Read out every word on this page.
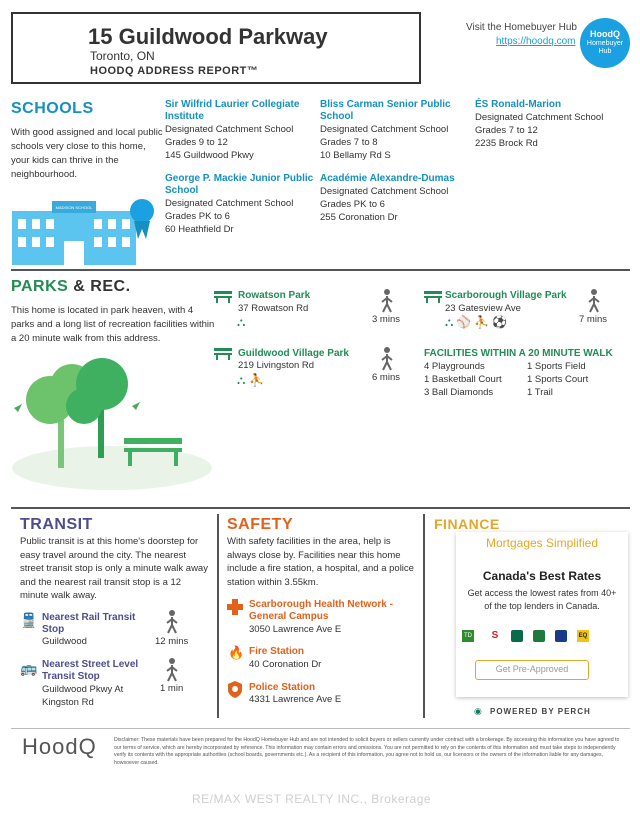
15 Guildwood Parkway
Toronto, ON
HOODQ ADDRESS REPORT™
Visit the Homebuyer Hub
https://hoodq.com
HoodQ
Homebuyer
Hub
SCHOOLS
With good assigned and local public schools very close to this home, your kids can thrive in the neighbourhood.
MADISON SCHOOL
Sir Wilfrid Laurier Collegiate Institute
Designated Catchment School
Grades 9 to 12
145 Guildwood Pkwy
Bliss Carman Senior Public School
Designated Catchment School
Grades 7 to 8
10 Bellamy Rd S
ÉS Ronald-Marion
Designated Catchment School
Grades 7 to 12
2235 Brock Rd
George P. Mackie Junior Public School
Designated Catchment School
Grades PK to 6
60 Heathfield Dr
Académie Alexandre-Dumas
Designated Catchment School
Grades PK to 6
255 Coronation Dr
PARKS & REC.
This home is located in park heaven, with 4 parks and a long list of recreation facilities within a 20 minute walk from this address.
Rowatson Park
37 Rowatson Rd
⛬	3 mins
Scarborough Village Park
23 Gatesview Ave
⛬⚾⛹⚽	7 mins
Guildwood Village Park
219 Livingston Rd
⛬⛹	6 mins
FACILITIES WITHIN A 20 MINUTE WALK
4 Playgrounds	1 Sports Field
1 Basketball Court	1 Sports Court
3 Ball Diamonds	1 Trail
TRANSIT
Public transit is at this home's doorstep for easy travel around the city. The nearest street transit stop is only a minute walk away and the nearest rail transit stop is a 12 minute walk away.
🚆 Nearest Rail Transit Stop
Guildwood	12 mins
🚌 Nearest Street Level Transit Stop
Guildwood Pkwy At Kingston Rd
1 min
SAFETY
With safety facilities in the area, help is always close by. Facilities near this home include a fire station, a hospital, and a police station within 3.55km.
Scarborough Health Network - General Campus
3050 Lawrence Ave E
🔥 Fire Station
40 Coronation Dr
Police Station
4331 Lawrence Ave E
FINANCE
Mortgages Simplified
Canada's Best Rates
Get access the lowest rates from 40+ of the top lenders in Canada.
TD S	EQ
Get Pre-Approved
◉ POWERED BY PERCH
HoodQ	Disclaimer: These materials have been prepared for the HoodQ Homebuyer Hub and are not intended to solicit buyers or sellers currently under contract with a brokerage. By accessing this information you have agreed to our terms of service, which are hereby incorporated by reference. This information may contain errors and omissions. You are not permitted to rely on the contents of this information and must take steps to independently verify its contents with the appropriate authorities (school boards, governments etc.). As a recipient of this information, you agree not to hold us, our licensors or the owners of the information liable for any damages, howsoever caused.
RE/MAX WEST REALTY INC., Brokerage
